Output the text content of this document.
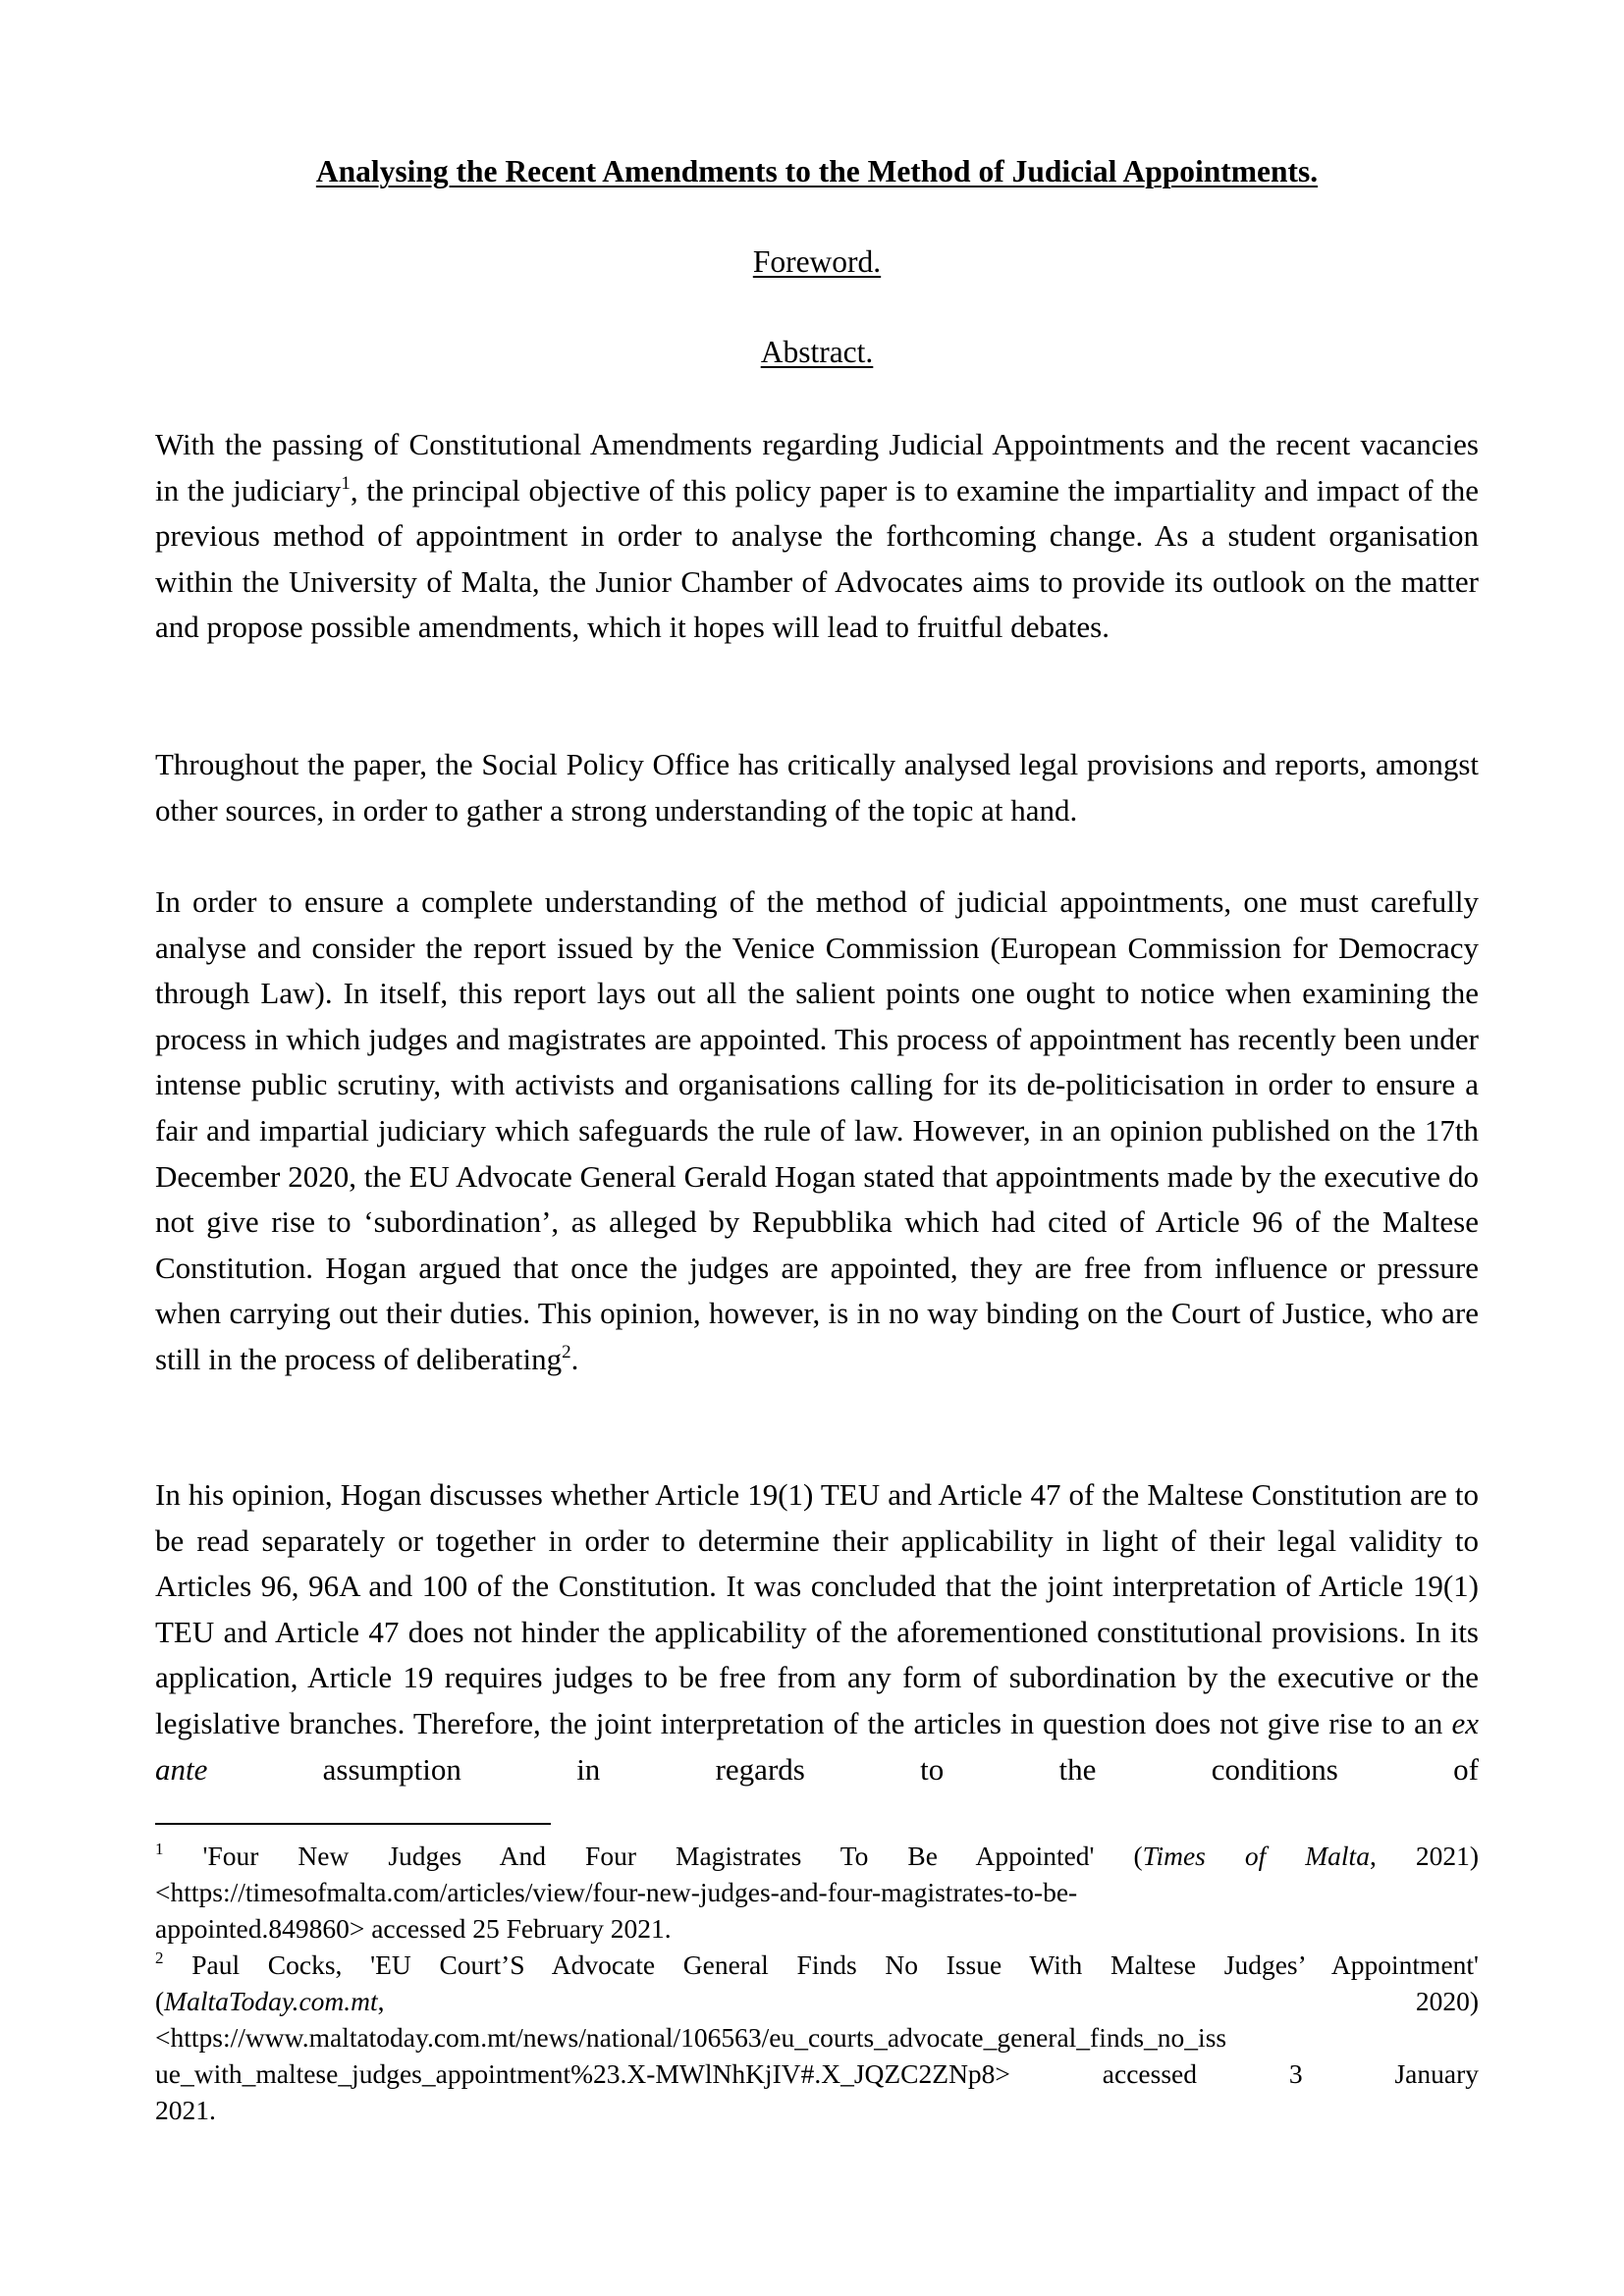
Analysing the Recent Amendments to the Method of Judicial Appointments.
Foreword.
Abstract.

With the passing of Constitutional Amendments regarding Judicial Appointments and the recent vacancies in the judiciary$^1$, the principal objective of this policy paper is to examine the impartiality and impact of the previous method of appointment in order to analyse the forthcoming change. As a student organisation within the University of Malta, the Junior Chamber of Advocates aims to provide its outlook on the matter and propose possible amendments, which it hopes will lead to fruitful debates.

Throughout the paper, the Social Policy Office has critically analysed legal provisions and reports, amongst other sources, in order to gather a strong understanding of the topic at hand.

In order to ensure a complete understanding of the method of judicial appointments, one must carefully analyse and consider the report issued by the Venice Commission (European Commission for Democracy through Law). In itself, this report lays out all the salient points one ought to notice when examining the process in which judges and magistrates are appointed. This process of appointment has recently been under intense public scrutiny, with activists and organisations calling for its de-politicisation in order to ensure a fair and impartial judiciary which safeguards the rule of law. However, in an opinion published on the 17th December 2020, the EU Advocate General Gerald Hogan stated that appointments made by the executive do not give rise to ‘subordination’, as alleged by Repubblika which had cited of Article 96 of the Maltese Constitution. Hogan argued that once the judges are appointed, they are free from influence or pressure when carrying out their duties. This opinion, however, is in no way binding on the Court of Justice, who are still in the process of deliberating$^2$.

In his opinion, Hogan discusses whether Article 19(1) TEU and Article 47 of the Maltese Constitution are to be read separately or together in order to determine their applicability in light of their legal validity to Articles 96, 96A and 100 of the Constitution. It was concluded that the joint interpretation of Article 19(1) TEU and Article 47 does not hinder the applicability of the aforementioned constitutional provisions. In its application, Article 19 requires judges to be free from any form of subordination by the executive or the legislative branches. Therefore, the joint interpretation of the articles in question does not give rise to an ex ante assumption in regards to the conditions of

$^1$ 'Four New Judges And Four Magistrates To Be Appointed' (Times of Malta, 2021)
<https://timesofmalta.com/articles/view/four-new-judges-and-four-magistrates-to-be-
appointed.849860> accessed 25 February 2021.
$^2$ Paul Cocks, 'EU Court’S Advocate General Finds No Issue With Maltese Judges’ Appointment'
(MaltaToday.com.mt,	2020)
<https://www.maltatoday.com.mt/news/national/106563/eu_courts_advocate_general_finds_no_iss
ue_with_maltese_judges_appointment%23.X-MWlNhKjIV#.X_JQZC2ZNp8> accessed 3 January
2021.
